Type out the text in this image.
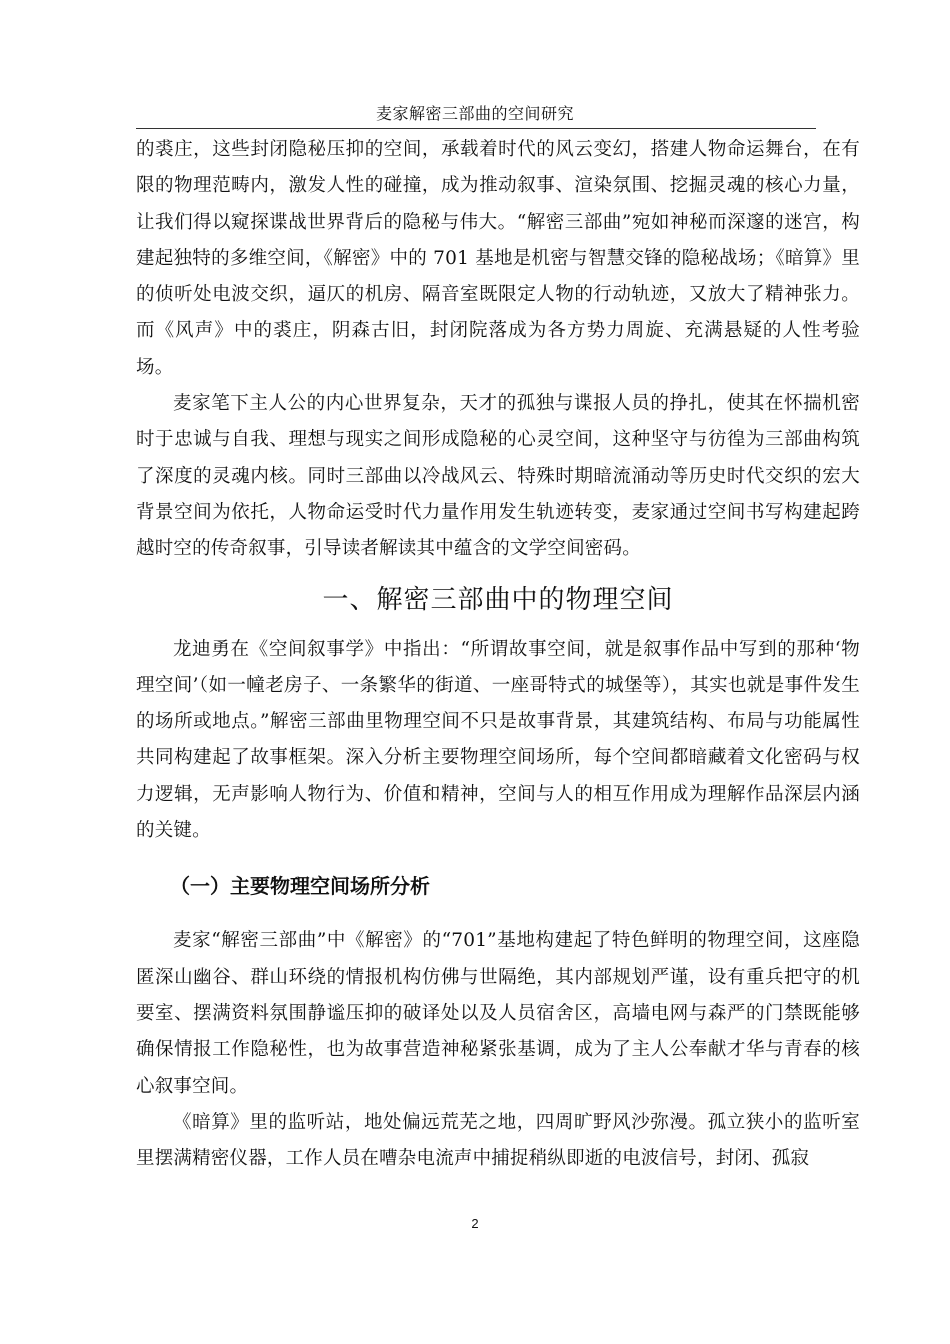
麦家解密三部曲的空间研究

的裘庄，这些封闭隐秘压抑的空间，承载着时代的风云变幻，搭建人物命运舞台，在有限的物理范畴内，激发人性的碰撞，成为推动叙事、渲染氛围、挖掘灵魂的核心力量，让我们得以窥探谍战世界背后的隐秘与伟大。“解密三部曲”宛如神秘而深邃的迷宫，构建起独特的多维空间，《解密》中的 701 基地是机密与智慧交锋的隐秘战场；《暗算》里的侦听处电波交织，逼仄的机房、隔音室既限定人物的行动轨迹，又放大了精神张力。而《风声》中的裘庄，阴森古旧，封闭院落成为各方势力周旋、充满悬疑的人性考验场。

麦家笔下主人公的内心世界复杂，天才的孤独与谍报人员的挣扎，使其在怀揣机密时于忠诚与自我、理想与现实之间形成隐秘的心灵空间，这种坚守与彷徨为三部曲构筑了深度的灵魂内核。同时三部曲以冷战风云、特殊时期暗流涌动等历史时代交织的宏大背景空间为依托，人物命运受时代力量作用发生轨迹转变，麦家通过空间书写构建起跨越时空的传奇叙事，引导读者解读其中蕴含的文学空间密码。

一、解密三部曲中的物理空间

龙迪勇在《空间叙事学》中指出：“所谓故事空间，就是叙事作品中写到的那种‘物理空间’（如一幢老房子、一条繁华的街道、一座哥特式的城堡等），其实也就是事件发生的场所或地点。”解密三部曲里物理空间不只是故事背景，其建筑结构、布局与功能属性共同构建起了故事框架。深入分析主要物理空间场所，每个空间都暗藏着文化密码与权力逻辑，无声影响人物行为、价值和精神，空间与人的相互作用成为理解作品深层内涵的关键。

（一）主要物理空间场所分析

麦家“解密三部曲”中《解密》的“701”基地构建起了特色鲜明的物理空间，这座隐匿深山幽谷、群山环绕的情报机构仿佛与世隔绝，其内部规划严谨，设有重兵把守的机要室、摆满资料氛围静谧压抑的破译处以及人员宿舍区，高墙电网与森严的门禁既能够确保情报工作隐秘性，也为故事营造神秘紧张基调，成为了主人公奉献才华与青春的核心叙事空间。

《暗算》里的监听站，地处偏远荒芜之地，四周旷野风沙弥漫。孤立狭小的监听室里摆满精密仪器，工作人员在嘈杂电流声中捕捉稍纵即逝的电波信号，封闭、孤寂

2
